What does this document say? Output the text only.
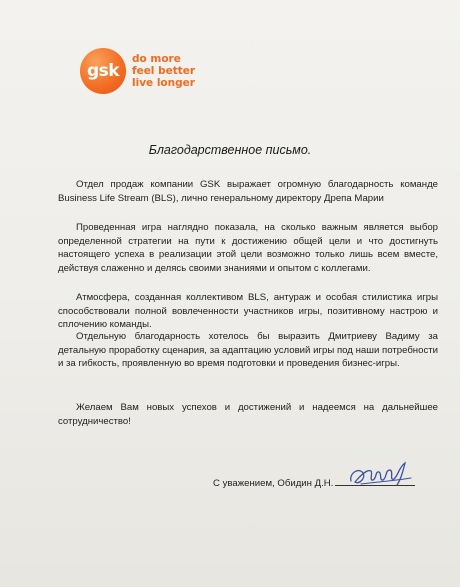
gsk
do more
feel better
live longer
Благодарственное письмо.

Отдел продаж компании GSK выражает огромную благодарность команде Business Life Stream (BLS), лично генеральному директору Дрепа Марии

Проведенная игра наглядно показала, на сколько важным является выбор определенной стратегии на пути к достижению общей цели и что достигнуть настоящего успеха в реализации этой цели возможно только лишь всем вместе, действуя слаженно и делясь своими знаниями и опытом с коллегами.

Атмосфера, созданная коллективом BLS, антураж и особая стилистика игры способствовали полной вовлеченности участников игры, позитивному настрою и сплочению команды.

Отдельную благодарность хотелось бы выразить Дмитриеву Вадиму за детальную проработку сценария, за адаптацию условий игры под наши потребности и за гибкость, проявленную во время подготовки и проведения бизнес-игры.

Желаем Вам новых успехов и достижений и надеемся на дальнейшее сотрудничество!

С уважением, Обидин Д.Н.
